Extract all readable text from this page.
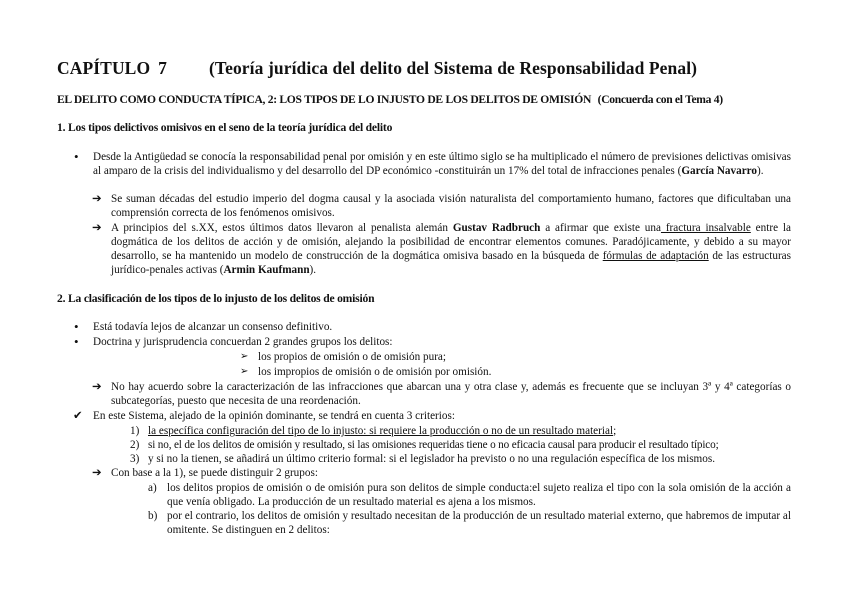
CAPÍTULO 7 (Teoría jurídica del delito del Sistema de Responsabilidad Penal)
EL DELITO COMO CONDUCTA TÍPICA, 2: LOS TIPOS DE LO INJUSTO DE LOS DELITOS DE OMISIÓN (Concuerda con el Tema 4)
1. Los tipos delictivos omisivos en el seno de la teoría jurídica del delito
• Desde la Antigüedad se conocía la responsabilidad penal por omisión y en este último siglo se ha multiplicado el número de previsiones delictivas omisivas al amparo de la crisis del individualismo y del desarrollo del DP económico -constituirán un 17% del total de infracciones penales (García Navarro).
➔ Se suman décadas del estudio imperio del dogma causal y la asociada visión naturalista del comportamiento humano, factores que dificultaban una comprensión correcta de los fenómenos omisivos.
➔ A principios del s.XX, estos últimos datos llevaron al penalista alemán Gustav Radbruch a afirmar que existe una fractura insalvable entre la dogmática de los delitos de acción y de omisión, alejando la posibilidad de encontrar elementos comunes. Paradójicamente, y debido a su mayor desarrollo, se ha mantenido un modelo de construcción de la dogmática omisiva basado en la búsqueda de fórmulas de adaptación de las estructuras jurídico-penales activas (Armin Kaufmann).
2. La clasificación de los tipos de lo injusto de los delitos de omisión
• Está todavía lejos de alcanzar un consenso definitivo.
• Doctrina y jurisprudencia concuerdan 2 grandes grupos los delitos:
➢ los propios de omisión o de omisión pura;
➢ los impropios de omisión o de omisión por omisión.
➔ No hay acuerdo sobre la caracterización de las infracciones que abarcan una y otra clase y, además es frecuente que se incluyan 3ª y 4ª categorías o subcategorías, puesto que necesita de una reordenación.
✔ En este Sistema, alejado de la opinión dominante, se tendrá en cuenta 3 criterios:
1) la específica configuración del tipo de lo injusto: si requiere la producción o no de un resultado material;
2) si no, el de los delitos de omisión y resultado, si las omisiones requeridas tiene o no eficacia causal para producir el resultado típico;
3) y si no la tienen, se añadirá un último criterio formal: si el legislador ha previsto o no una regulación específica de los mismos.
➔ Con base a la 1), se puede distinguir 2 grupos:
a) los delitos propios de omisión o de omisión pura son delitos de simple conducta:el sujeto realiza el tipo con la sola omisión de la acción a que venía obligado. La producción de un resultado material es ajena a los mismos.
b) por el contrario, los delitos de omisión y resultado necesitan de la producción de un resultado material externo, que habremos de imputar al omitente. Se distinguen en 2 delitos:
